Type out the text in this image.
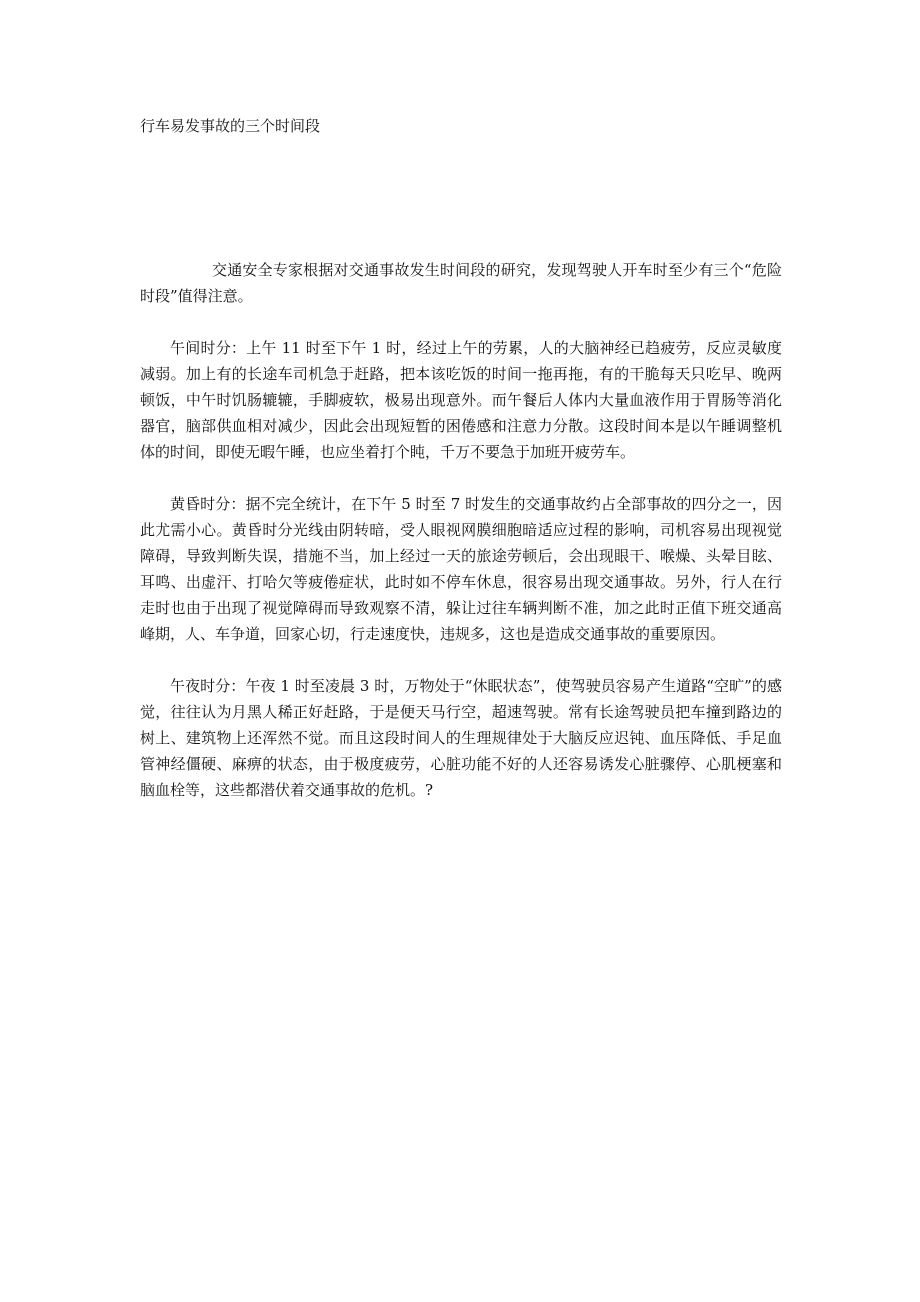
行车易发事故的三个时间段

交通安全专家根据对交通事故发生时间段的研究，发现驾驶人开车时至少有三个“危险时段”值得注意。

午间时分：上午 11 时至下午 1 时，经过上午的劳累，人的大脑神经已趋疲劳，反应灵敏度减弱。加上有的长途车司机急于赶路，把本该吃饭的时间一拖再拖，有的干脆每天只吃早、晚两顿饭，中午时饥肠辘辘，手脚疲软，极易出现意外。而午餐后人体内大量血液作用于胃肠等消化器官，脑部供血相对减少，因此会出现短暂的困倦感和注意力分散。这段时间本是以午睡调整机体的时间，即使无暇午睡，也应坐着打个盹，千万不要急于加班开疲劳车。

黄昏时分：据不完全统计，在下午 5 时至 7 时发生的交通事故约占全部事故的四分之一，因此尤需小心。黄昏时分光线由阴转暗，受人眼视网膜细胞暗适应过程的影响，司机容易出现视觉障碍，导致判断失误，措施不当，加上经过一天的旅途劳顿后，会出现眼干、喉燥、头晕目眩、耳鸣、出虚汗、打哈欠等疲倦症状，此时如不停车休息，很容易出现交通事故。另外，行人在行走时也由于出现了视觉障碍而导致观察不清，躲让过往车辆判断不准，加之此时正值下班交通高峰期，人、车争道，回家心切，行走速度快，违规多，这也是造成交通事故的重要原因。

午夜时分：午夜 1 时至凌晨 3 时，万物处于“休眠状态”，使驾驶员容易产生道路“空旷”的感觉，往往认为月黑人稀正好赶路，于是便天马行空，超速驾驶。常有长途驾驶员把车撞到路边的树上、建筑物上还浑然不觉。而且这段时间人的生理规律处于大脑反应迟钝、血压降低、手足血管神经僵硬、麻痹的状态，由于极度疲劳，心脏功能不好的人还容易诱发心脏骤停、心肌梗塞和脑血栓等，这些都潜伏着交通事故的危机。?
